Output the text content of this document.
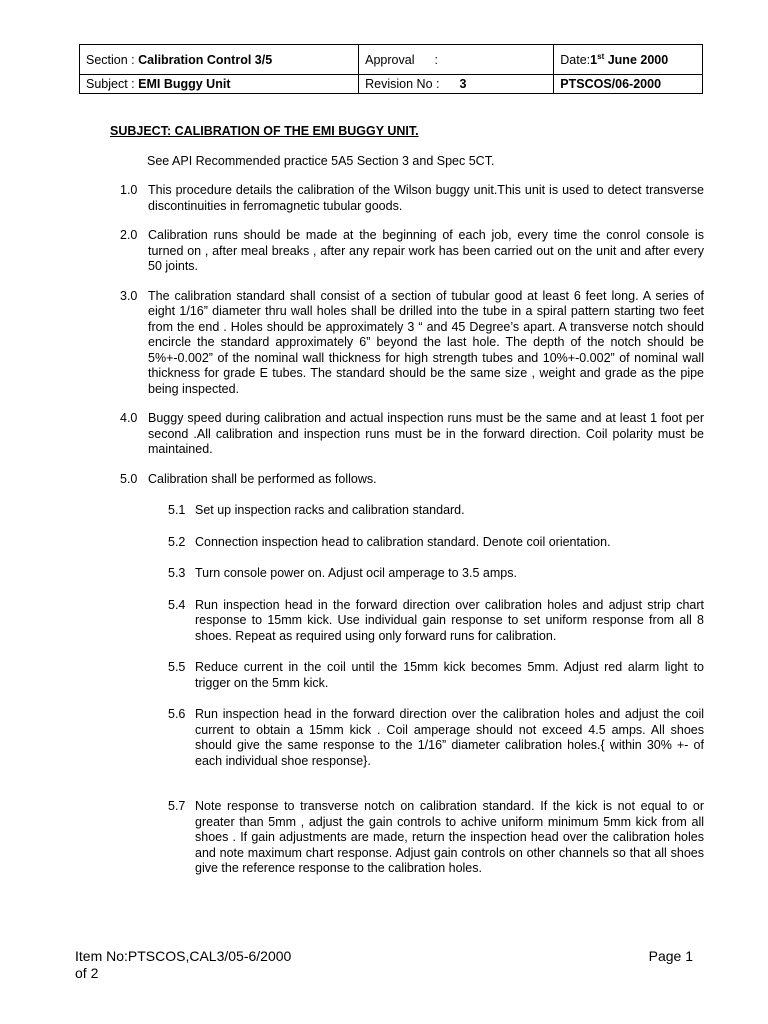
Section : Calibration Control 3/5	Approval :	Date:1st June 2000
Subject : EMI Buggy Unit	Revision No : 3	PTSCOS/06-2000

SUBJECT: CALIBRATION OF THE EMI BUGGY UNIT.

See API Recommended practice 5A5 Section 3 and Spec 5CT.
1.0 This procedure details the calibration of the Wilson buggy unit.This unit is used to detect transverse discontinuities in ferromagnetic tubular goods.
2.0 Calibration runs should be made at the beginning of each job, every time the conrol console is turned on , after meal breaks , after any repair work has been carried out on the unit and after every 50 joints.
3.0 The calibration standard shall consist of a section of tubular good at least 6 feet long. A series of eight 1/16” diameter thru wall holes shall be drilled into the tube in a spiral pattern starting two feet from the end . Holes should be approximately 3 “ and 45 Degree’s apart. A transverse notch should encircle the standard approximately 6” beyond the last hole. The depth of the notch should be 5%+-0.002” of the nominal wall thickness for high strength tubes and 10%+-0.002” of nominal wall thickness for grade E tubes. The standard should be the same size , weight and grade as the pipe being inspected.
4.0 Buggy speed during calibration and actual inspection runs must be the same and at least 1 foot per second .All calibration and inspection runs must be in the forward direction. Coil polarity must be maintained.
5.0 Calibration shall be performed as follows.
5.1 Set up inspection racks and calibration standard.
5.2 Connection inspection head to calibration standard. Denote coil orientation.
5.3 Turn console power on. Adjust ocil amperage to 3.5 amps.
5.4 Run inspection head in the forward direction over calibration holes and adjust strip chart response to 15mm kick. Use individual gain response to set uniform response from all 8 shoes. Repeat as required using only forward runs for calibration.
5.5 Reduce current in the coil until the 15mm kick becomes 5mm. Adjust red alarm light to trigger on the 5mm kick.
5.6 Run inspection head in the forward direction over the calibration holes and adjust the coil current to obtain a 15mm kick . Coil amperage should not exceed 4.5 amps. All shoes should give the same response to the 1/16” diameter calibration holes.{ within 30% +- of each individual shoe response}.
5.7 Note response to transverse notch on calibration standard. If the kick is not equal to or greater than 5mm , adjust the gain controls to achive uniform minimum 5mm kick from all shoes . If gain adjustments are made, return the inspection head over the calibration holes and note maximum chart response. Adjust gain controls on other channels so that all shoes give the reference response to the calibration holes.
Item No:PTSCOS,CAL3/05-6/2000
of 2
Page 1
